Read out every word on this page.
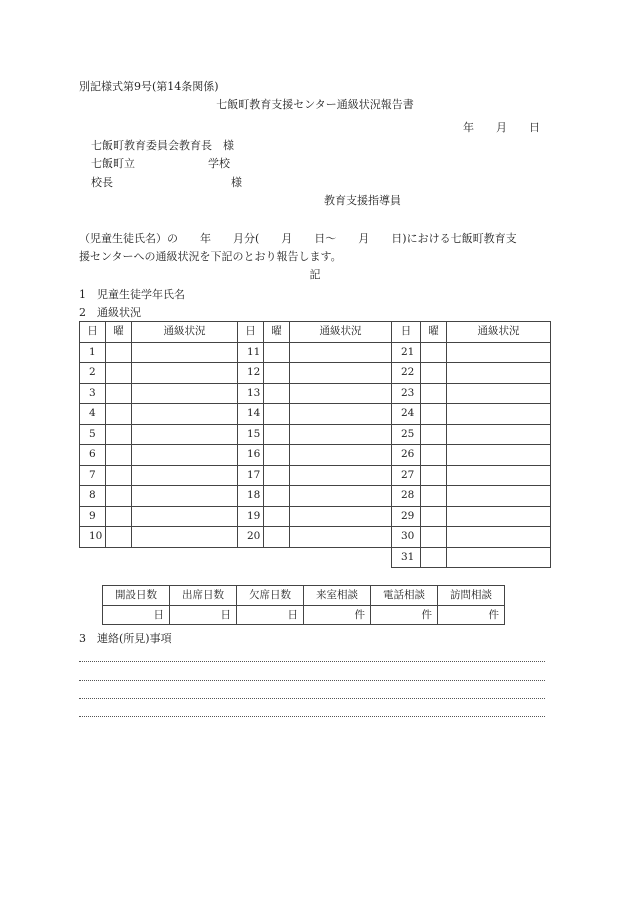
別記様式第9号(第14条関係)
七飯町教育支援センター通級状況報告書
年　　月　　日
七飯町教育委員会教育長　様
七飯町立	学校
校長	様
教育支援指導員
（児童生徒氏名）の　　年　　月分(　　月　　日～　　月　　日)における七飯町教育支
援センターへの通級状況を下記のとおり報告します。
記
1　児童生徒学年氏名
2　通級状況
日	曜	通級状況	日	曜	通級状況	日	曜	通級状況
1			11			21		
2			12			22		
3			13			23		
4			14			24		
5			15			25		
6			16			26		
7			17			27		
8			18			28		
9			19			29		
10			20			30		
						31		
開設日数	出席日数	欠席日数	来室相談	電話相談	訪問相談
日	日	日	件	件	件
3　連絡(所見)事項
